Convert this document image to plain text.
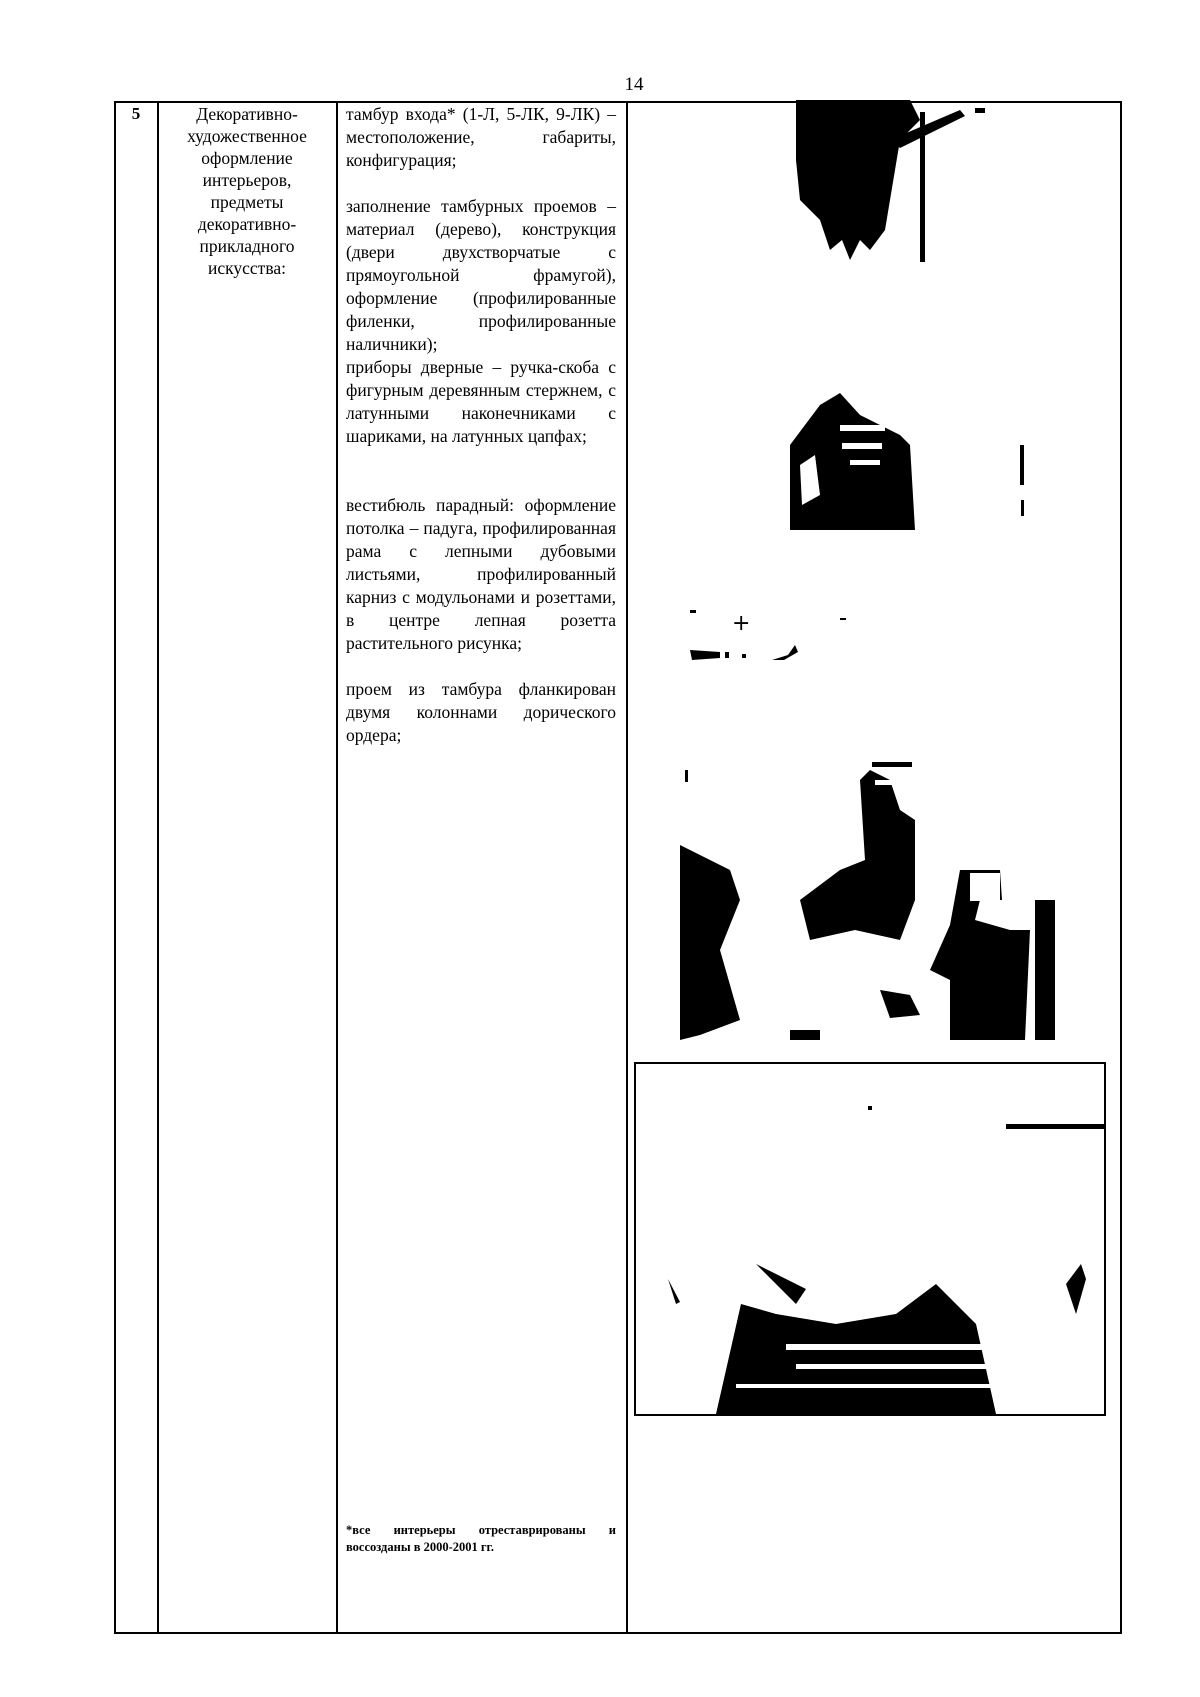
14
5	Декоративно-
художественное
оформление
интерьеров,
предметы
декоративно-
прикладного
искусства:

тамбур входа* (1-Л, 5-ЛК, 9-ЛК) – местоположение, габариты, конфигурация;

заполнение тамбурных проемов – материал (дерево), конструкция (двери двухстворчатые с прямоугольной фрамугой), оформление (профилированные филенки, профилированные наличники);

приборы дверные – ручка-скоба с фигурным деревянным стержнем, с латунными наконечниками с шариками, на латунных цапфах;

вестибюль парадный: оформление потолка – падуга, профилированная рама с лепными дубовыми листьями, профилированный карниз с модульонами и розеттами, в центре лепная розетта растительного рисунка;

проем из тамбура фланкирован двумя колоннами дорического ордера;

*все интерьеры отреставрированы и воссозданы в 2000-2001 гг.
+
